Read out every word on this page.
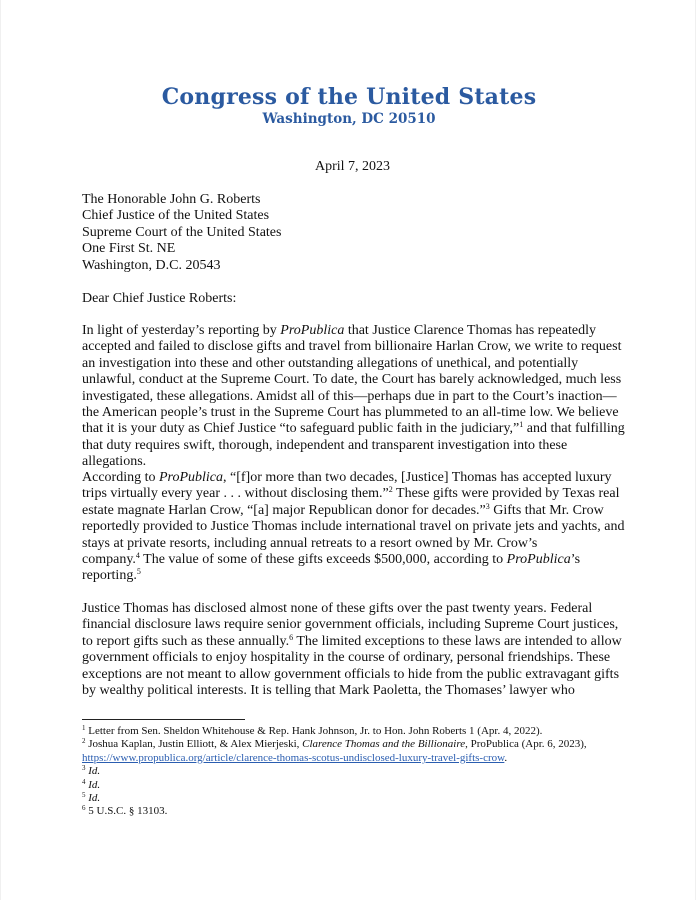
Congress of the United States
Washington, DC 20510
April 7, 2023
The Honorable John G. Roberts
Chief Justice of the United States
Supreme Court of the United States
One First St. NE
Washington, D.C. 20543
Dear Chief Justice Roberts:
In light of yesterday’s reporting by ProPublica that Justice Clarence Thomas has repeatedly
accepted and failed to disclose gifts and travel from billionaire Harlan Crow, we write to request
an investigation into these and other outstanding allegations of unethical, and potentially
unlawful, conduct at the Supreme Court. To date, the Court has barely acknowledged, much less
investigated, these allegations. Amidst all of this—perhaps due in part to the Court’s inaction—
the American people’s trust in the Supreme Court has plummeted to an all-time low. We believe
that it is your duty as Chief Justice “to safeguard public faith in the judiciary,”$^1$ and that fulfilling
that duty requires swift, thorough, independent and transparent investigation into these
allegations.
According to ProPublica, “[f]or more than two decades, [Justice] Thomas has accepted luxury
trips virtually every year . . . without disclosing them.”$^2$ These gifts were provided by Texas real
estate magnate Harlan Crow, “[a] major Republican donor for decades.”$^3$ Gifts that Mr. Crow
reportedly provided to Justice Thomas include international travel on private jets and yachts, and
stays at private resorts, including annual retreats to a resort owned by Mr. Crow’s
company.$^4$ The value of some of these gifts exceeds $500,000, according to ProPublica’s
reporting.$^5$
Justice Thomas has disclosed almost none of these gifts over the past twenty years. Federal
financial disclosure laws require senior government officials, including Supreme Court justices,
to report gifts such as these annually.$^6$ The limited exceptions to these laws are intended to allow
government officials to enjoy hospitality in the course of ordinary, personal friendships. These
exceptions are not meant to allow government officials to hide from the public extravagant gifts
by wealthy political interests. It is telling that Mark Paoletta, the Thomases’ lawyer who
$^1$ Letter from Sen. Sheldon Whitehouse & Rep. Hank Johnson, Jr. to Hon. John Roberts 1 (Apr. 4, 2022).
$^2$ Joshua Kaplan, Justin Elliott, & Alex Mierjeski, Clarence Thomas and the Billionaire, ProPublica (Apr. 6, 2023),
https://www.propublica.org/article/clarence-thomas-scotus-undisclosed-luxury-travel-gifts-crow.
$^3$ Id.
$^4$ Id.
$^5$ Id.
$^6$ 5 U.S.C. § 13103.
